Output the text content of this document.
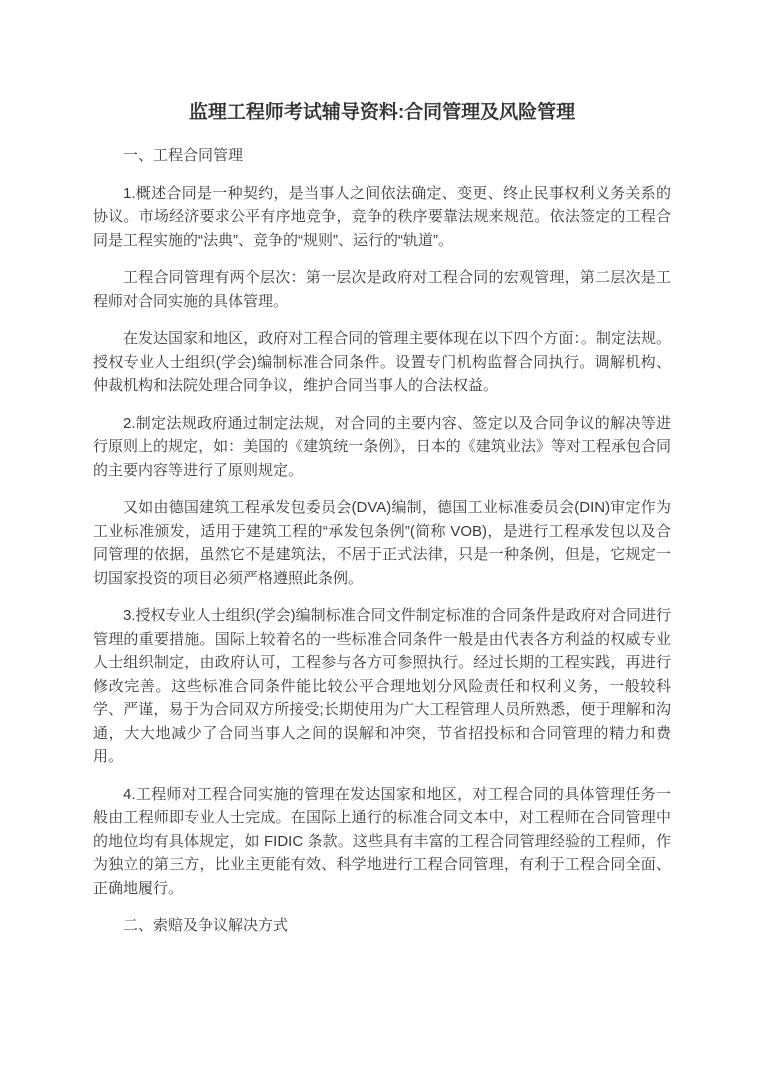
监理工程师考试辅导资料:合同管理及风险管理

一、工程合同管理

1.概述合同是一种契约，是当事人之间依法确定、变更、终止民事权利义务关系的协议。市场经济要求公平有序地竞争，竞争的秩序要靠法规来规范。依法签定的工程合同是工程实施的“法典”、竞争的“规则”、运行的“轨道”。

工程合同管理有两个层次：第一层次是政府对工程合同的宏观管理，第二层次是工程师对合同实施的具体管理。

在发达国家和地区，政府对工程合同的管理主要体现在以下四个方面：。制定法规。授权专业人士组织(学会)编制标准合同条件。设置专门机构监督合同执行。调解机构、仲裁机构和法院处理合同争议，维护合同当事人的合法权益。

2.制定法规政府通过制定法规，对合同的主要内容、签定以及合同争议的解决等进行原则上的规定，如：美国的《建筑统一条例》，日本的《建筑业法》等对工程承包合同的主要内容等进行了原则规定。

又如由德国建筑工程承发包委员会(DVA)编制，德国工业标准委员会(DIN)审定作为工业标准颁发，适用于建筑工程的“承发包条例”(简称 VOB)，是进行工程承发包以及合同管理的依据，虽然它不是建筑法，不居于正式法律，只是一种条例，但是，它规定一切国家投资的项目必须严格遵照此条例。

3.授权专业人士组织(学会)编制标准合同文件制定标准的合同条件是政府对合同进行管理的重要措施。国际上较着名的一些标准合同条件一般是由代表各方利益的权威专业人士组织制定，由政府认可，工程参与各方可参照执行。经过长期的工程实践，再进行修改完善。这些标准合同条件能比较公平合理地划分风险责任和权利义务，一般较科学、严谨，易于为合同双方所接受;长期使用为广大工程管理人员所熟悉，便于理解和沟通，大大地减少了合同当事人之间的误解和冲突，节省招投标和合同管理的精力和费用。

4.工程师对工程合同实施的管理在发达国家和地区，对工程合同的具体管理任务一般由工程师即专业人士完成。在国际上通行的标准合同文本中，对工程师在合同管理中的地位均有具体规定，如 FIDIC 条款。这些具有丰富的工程合同管理经验的工程师，作为独立的第三方，比业主更能有效、科学地进行工程合同管理，有利于工程合同全面、正确地履行。

二、索赔及争议解决方式
